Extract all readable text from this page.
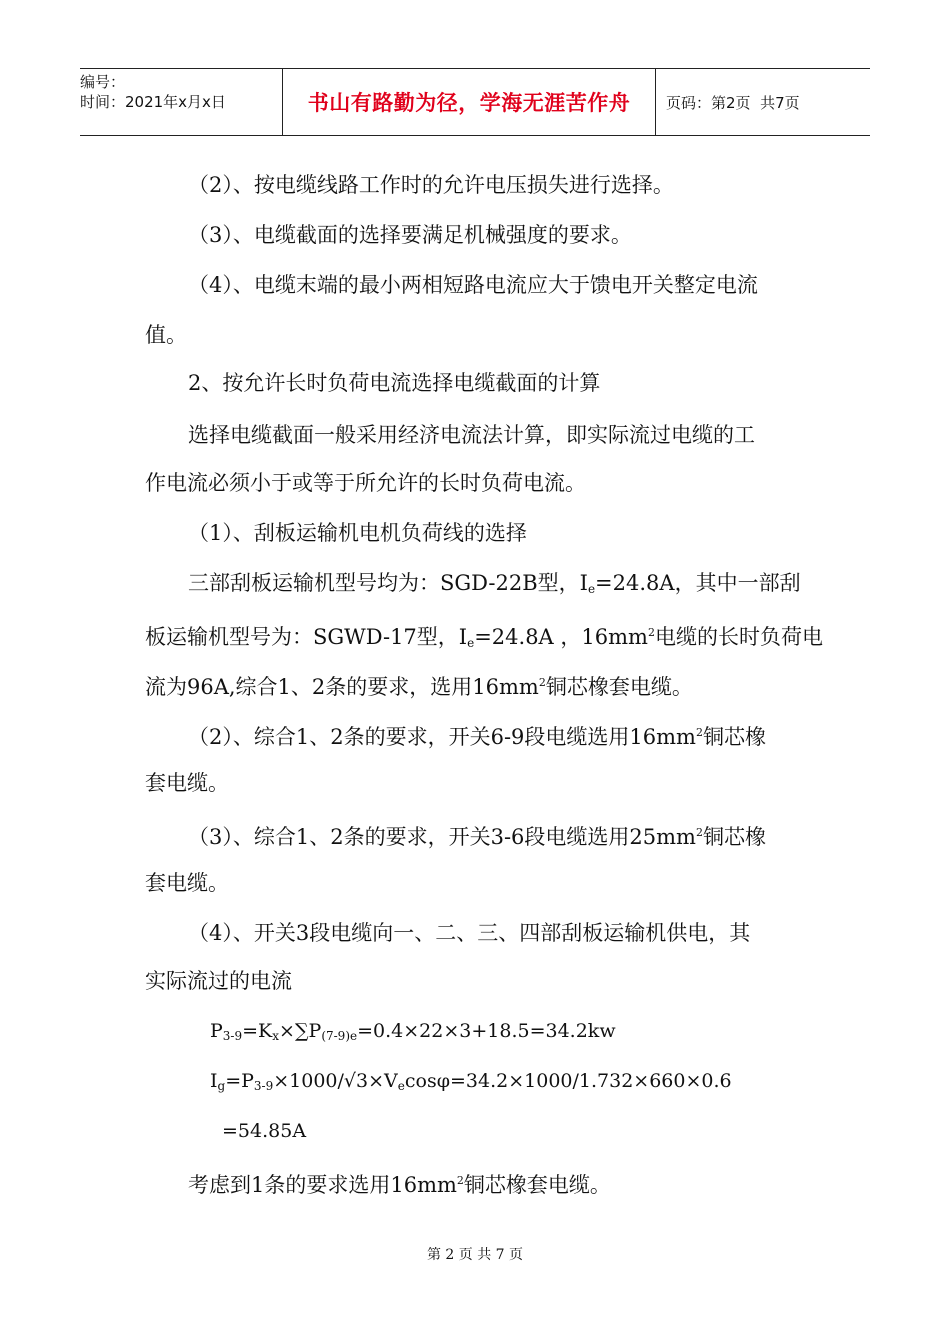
编号：
时间：2021年x月x日	书山有路勤为径，学海无涯苦作舟	页码：第2页  共7页
（2）、按电缆线路工作时的允许电压损失进行选择。
（3）、电缆截面的选择要满足机械强度的要求。
（4）、电缆末端的最小两相短路电流应大于馈电开关整定电流
值。
2、按允许长时负荷电流选择电缆截面的计算
选择电缆截面一般采用经济电流法计算，即实际流过电缆的工
作电流必须小于或等于所允许的长时负荷电流。
（1）、刮板运输机电机负荷线的选择
三部刮板运输机型号均为：SGD-22B型，$I_e=24.8A$，其中一部刮
板运输机型号为：SGWD-17型，$I_e=24.8A$ ，$16mm^2$电缆的长时负荷电
流为96A,综合1、2条的要求，选用$16mm^2$铜芯橡套电缆。
（2）、综合1、2条的要求，开关6-9段电缆选用$16mm^2$铜芯橡
套电缆。
（3）、综合1、2条的要求，开关3-6段电缆选用$25mm^2$铜芯橡
套电缆。
（4）、开关3段电缆向一、二、三、四部刮板运输机供电，其
实际流过的电流
$P_{3-9}=K_x\times\sum P_{(7-9)e}=0.4\times 22\times 3+18.5=34.2kw$
$I_g=P_{3-9}\times 1000/√3\times V_e\cos\varphi=34.2\times 1000/1.732\times 660\times 0.6$
=54.85A
考虑到1条的要求选用$16mm^2$铜芯橡套电缆。
第 2 页 共 7 页
